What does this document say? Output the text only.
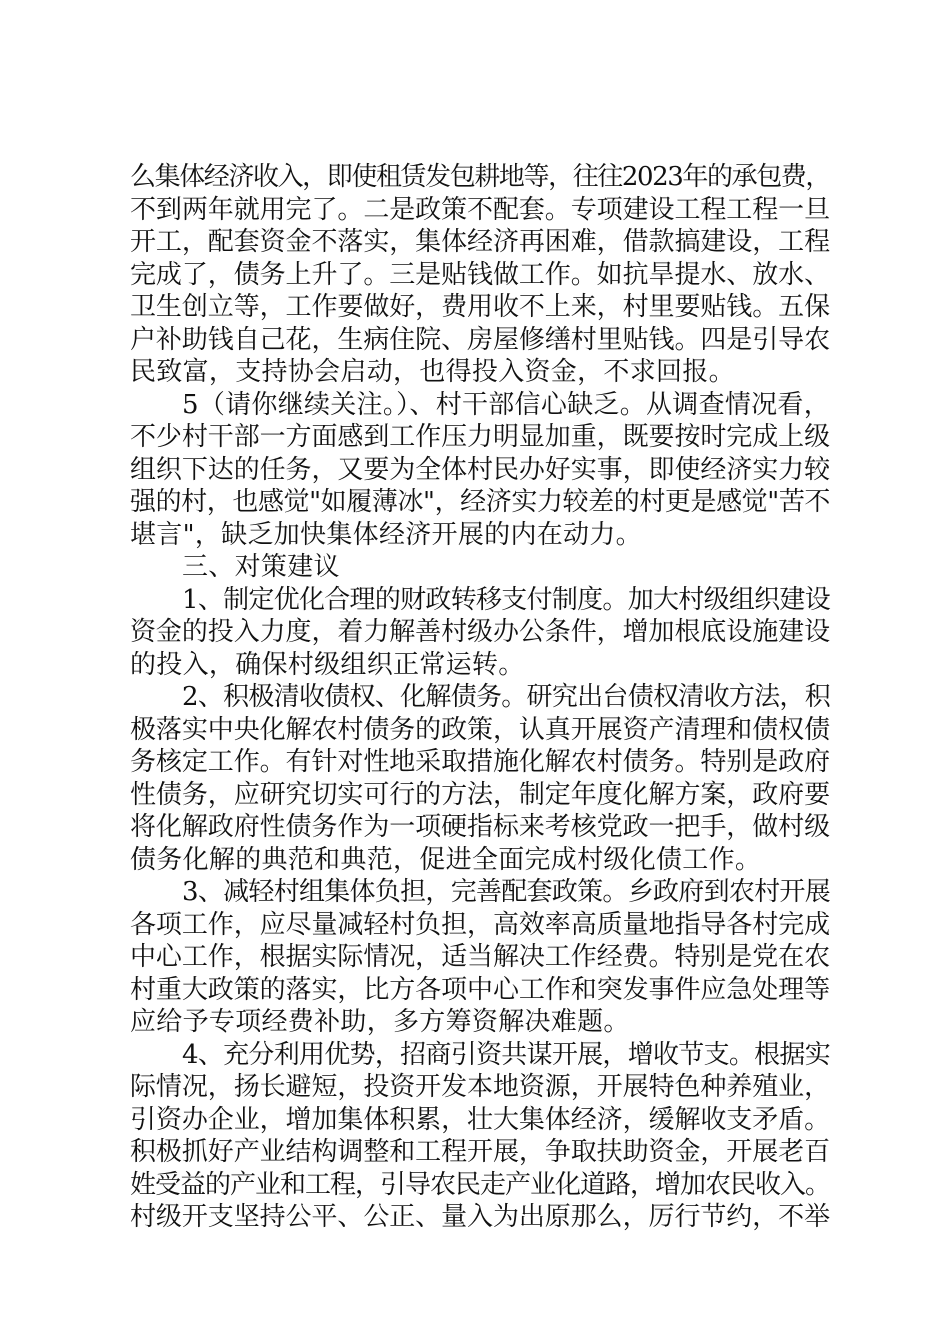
么集体经济收入，即使租赁发包耕地等，往往2023年的承包费，
不到两年就用完了。二是政策不配套。专项建设工程工程一旦
开工，配套资金不落实，集体经济再困难，借款搞建设，工程
完成了，债务上升了。三是贴钱做工作。如抗旱提水、放水、
卫生创立等，工作要做好，费用收不上来，村里要贴钱。五保
户补助钱自己花，生病住院、房屋修缮村里贴钱。四是引导农
民致富，支持协会启动，也得投入资金，不求回报。
5（请你继续关注。）、村干部信心缺乏。从调查情况看，
不少村干部一方面感到工作压力明显加重，既要按时完成上级
组织下达的任务，又要为全体村民办好实事，即使经济实力较
强的村，也感觉"如履薄冰"，经济实力较差的村更是感觉"苦不
堪言"，缺乏加快集体经济开展的内在动力。
三、对策建议
1、制定优化合理的财政转移支付制度。加大村级组织建设
资金的投入力度，着力解善村级办公条件，增加根底设施建设
的投入，确保村级组织正常运转。
2、积极清收债权、化解债务。研究出台债权清收方法，积
极落实中央化解农村债务的政策，认真开展资产清理和债权债
务核定工作。有针对性地采取措施化解农村债务。特别是政府
性债务，应研究切实可行的方法，制定年度化解方案，政府要
将化解政府性债务作为一项硬指标来考核党政一把手，做村级
债务化解的典范和典范，促进全面完成村级化债工作。
3、减轻村组集体负担，完善配套政策。乡政府到农村开展
各项工作，应尽量减轻村负担，高效率高质量地指导各村完成
中心工作，根据实际情况，适当解决工作经费。特别是党在农
村重大政策的落实，比方各项中心工作和突发事件应急处理等
应给予专项经费补助，多方筹资解决难题。
4、充分利用优势，招商引资共谋开展，增收节支。根据实
际情况，扬长避短，投资开发本地资源，开展特色种养殖业，
引资办企业，增加集体积累，壮大集体经济，缓解收支矛盾。
积极抓好产业结构调整和工程开展，争取扶助资金，开展老百
姓受益的产业和工程，引导农民走产业化道路，增加农民收入。
村级开支坚持公平、公正、量入为出原那么，厉行节约，不举
